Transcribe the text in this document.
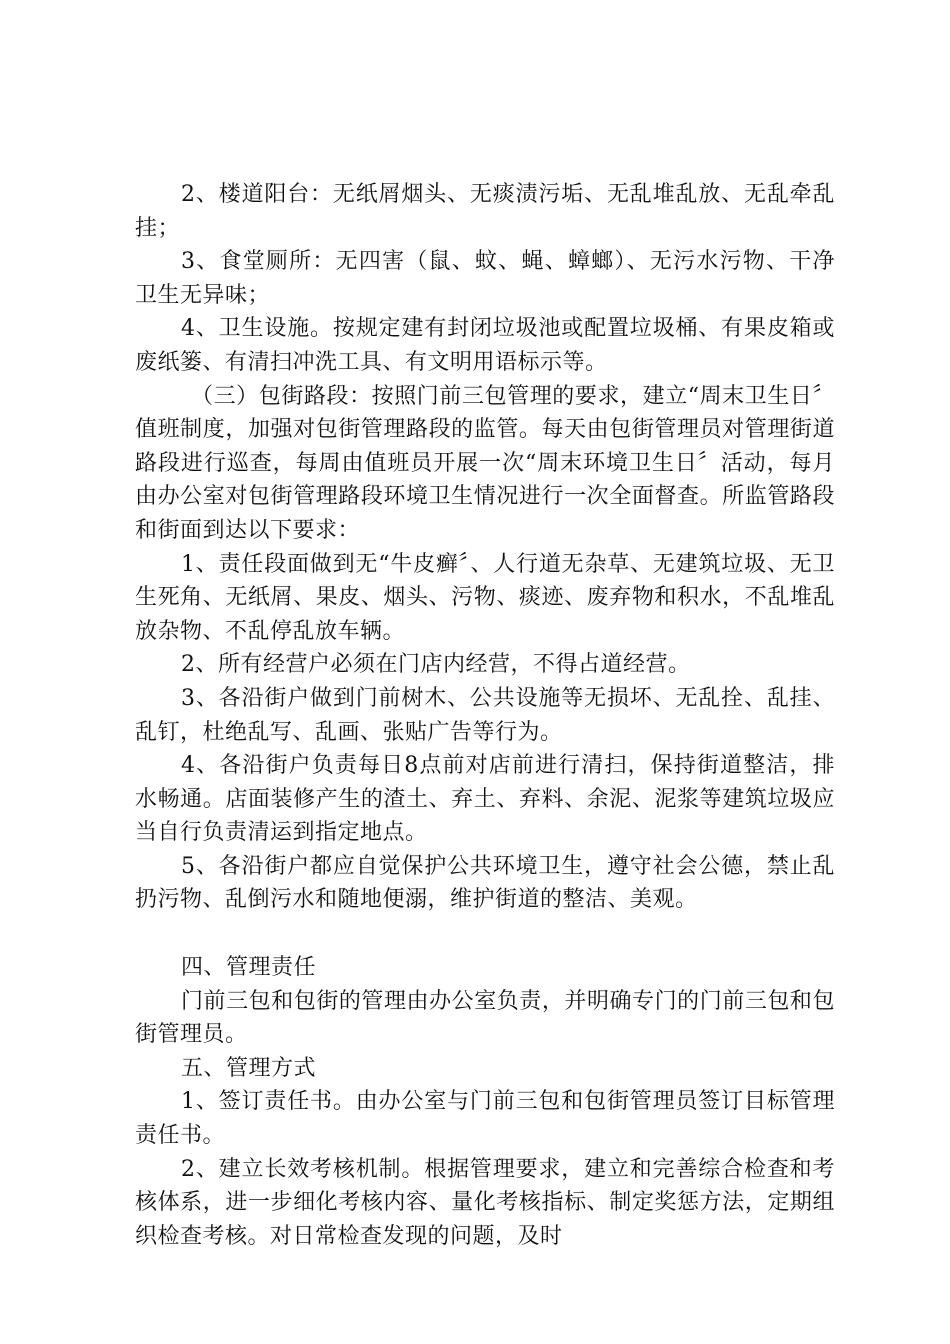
2、楼道阳台：无纸屑烟头、无痰渍污垢、无乱堆乱放、无乱牵乱挂；

3、食堂厕所：无四害（鼠、蚊、蝇、蟑螂）、无污水污物、干净卫生无异味；

4、卫生设施。按规定建有封闭垃圾池或配置垃圾桶、有果皮箱或废纸篓、有清扫冲洗工具、有文明用语标示等。

（三）包街路段：按照门前三包管理的要求，建立“周末卫生日〞值班制度，加强对包街管理路段的监管。每天由包街管理员对管理街道路段进行巡查，每周由值班员开展一次“周末环境卫生日〞活动，每月由办公室对包街管理路段环境卫生情况进行一次全面督查。所监管路段和街面到达以下要求：

1、责任段面做到无“牛皮癣〞、人行道无杂草、无建筑垃圾、无卫生死角、无纸屑、果皮、烟头、污物、痰迹、废弃物和积水，不乱堆乱放杂物、不乱停乱放车辆。

2、所有经营户必须在门店内经营，不得占道经营。

3、各沿街户做到门前树木、公共设施等无损坏、无乱拴、乱挂、乱钉，杜绝乱写、乱画、张贴广告等行为。

4、各沿街户负责每日8点前对店前进行清扫，保持街道整洁，排水畅通。店面装修产生的渣土、弃土、弃料、余泥、泥浆等建筑垃圾应当自行负责清运到指定地点。

5、各沿街户都应自觉保护公共环境卫生，遵守社会公德，禁止乱扔污物、乱倒污水和随地便溺，维护街道的整洁、美观。

四、管理责任

门前三包和包街的管理由办公室负责，并明确专门的门前三包和包街管理员。

五、管理方式

1、签订责任书。由办公室与门前三包和包街管理员签订目标管理责任书。

2、建立长效考核机制。根据管理要求，建立和完善综合检查和考核体系，进一步细化考核内容、量化考核指标、制定奖惩方法，定期组织检查考核。对日常检查发现的问题，及时
